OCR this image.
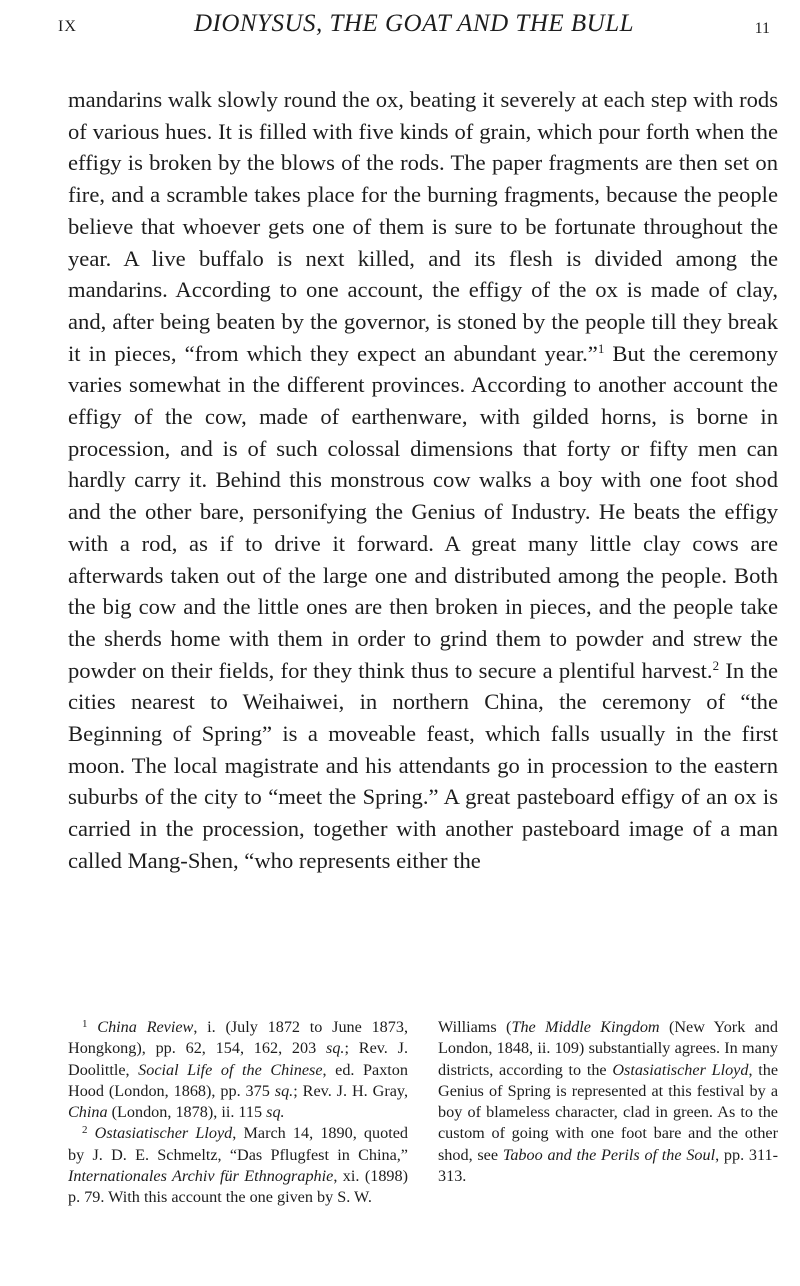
IX	DIONYSUS, THE GOAT AND THE BULL	11

mandarins walk slowly round the ox, beating it severely at each step with rods of various hues. It is filled with five kinds of grain, which pour forth when the effigy is broken by the blows of the rods. The paper fragments are then set on fire, and a scramble takes place for the burning fragments, because the people believe that whoever gets one of them is sure to be fortunate throughout the year. A live buffalo is next killed, and its flesh is divided among the mandarins. According to one account, the effigy of the ox is made of clay, and, after being beaten by the governor, is stoned by the people till they break it in pieces, “from which they expect an abundant year.”$^1$ But the ceremony varies somewhat in the different provinces. According to another account the effigy of the cow, made of earthenware, with gilded horns, is borne in procession, and is of such colossal dimensions that forty or fifty men can hardly carry it. Behind this monstrous cow walks a boy with one foot shod and the other bare, personifying the Genius of Industry. He beats the effigy with a rod, as if to drive it forward. A great many little clay cows are afterwards taken out of the large one and distributed among the people. Both the big cow and the little ones are then broken in pieces, and the people take the sherds home with them in order to grind them to powder and strew the powder on their fields, for they think thus to secure a plentiful harvest.$^2$ In the cities nearest to Weihaiwei, in northern China, the ceremony of “the Beginning of Spring” is a moveable feast, which falls usually in the first moon. The local magistrate and his attendants go in procession to the eastern suburbs of the city to “meet the Spring.” A great pasteboard effigy of an ox is carried in the procession, together with another pasteboard image of a man called Mang-Shen, “who represents either the

$^1$ China Review, i. (July 1872 to June 1873, Hongkong), pp. 62, 154, 162, 203 sq.; Rev. J. Doolittle, Social Life of the Chinese, ed. Paxton Hood (London, 1868), pp. 375 sq.; Rev. J. H. Gray, China (London, 1878), ii. 115 sq.

$^2$ Ostasiatischer Lloyd, March 14, 1890, quoted by J. D. E. Schmeltz, “Das Pflugfest in China,” Internationales Archiv für Ethnographie, xi. (1898) p. 79. With this account the one given by S. W.

Williams (The Middle Kingdom (New York and London, 1848, ii. 109) substantially agrees. In many districts, according to the Ostasiatischer Lloyd, the Genius of Spring is represented at this festival by a boy of blameless character, clad in green. As to the custom of going with one foot bare and the other shod, see Taboo and the Perils of the Soul, pp. 311-313.
